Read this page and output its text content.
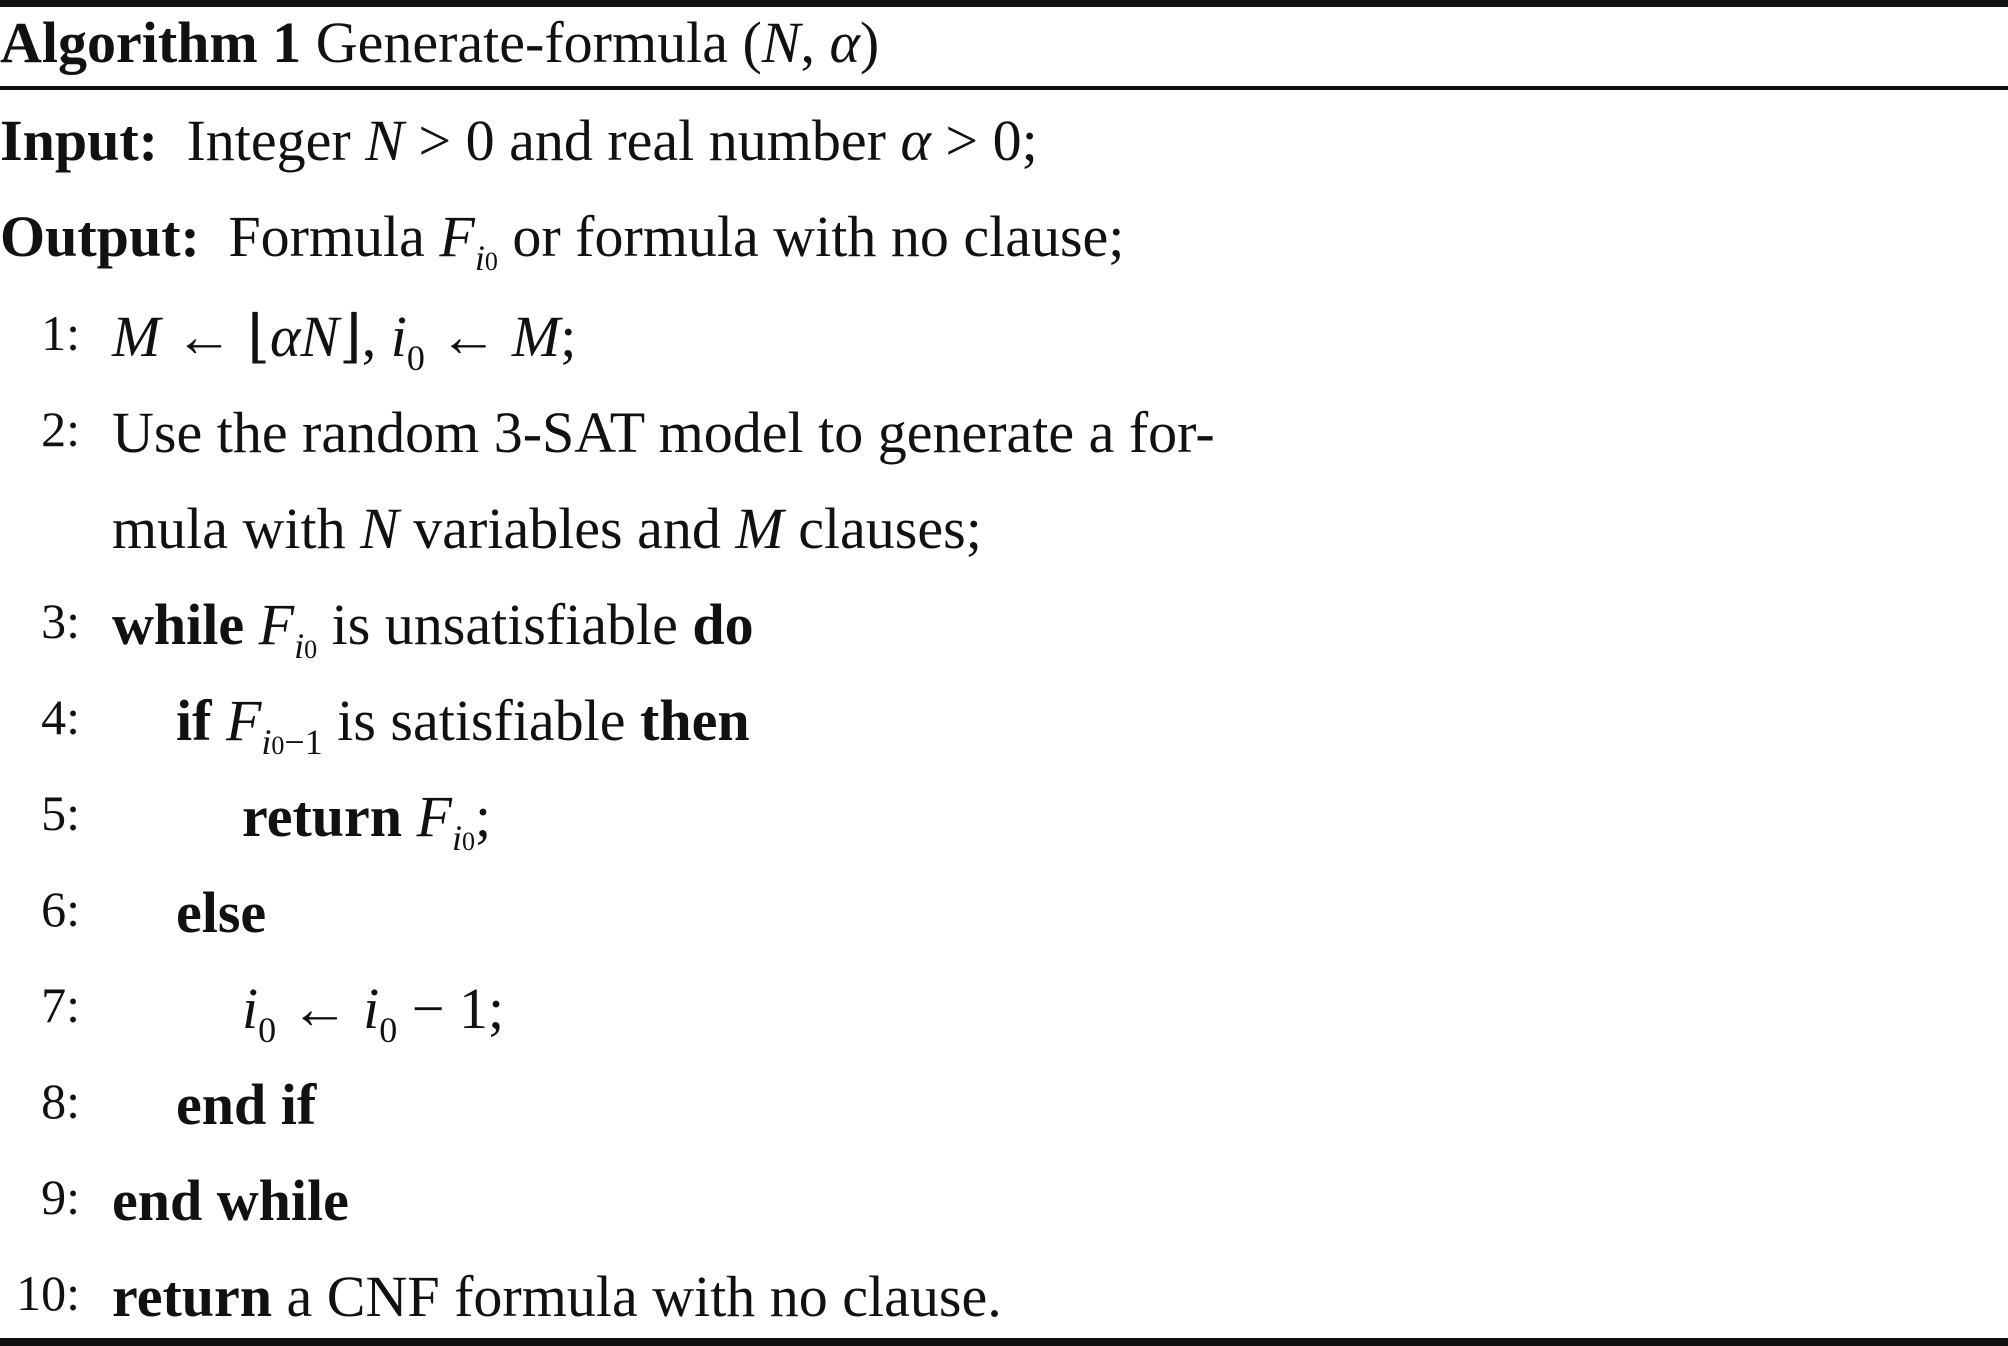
Algorithm 1 Generate-formula (N, α)
Input: Integer N > 0 and real number α > 0;
Output: Formula $F_{i0}$ or formula with no clause;
1: M ← ⌊αN⌋, $i_0$ ← M;
2: Use the random 3-SAT model to generate a for-
mula with N variables and M clauses;
3: while $F_{i0}$ is unsatisfiable do
4: if $F_{i0-1}$ is satisfiable then
5:	return $F_{i0}$;
6: else
7:	$i_0$ ← $i_0 - 1$;
8: end if
9: end while
10: return a CNF formula with no clause.
